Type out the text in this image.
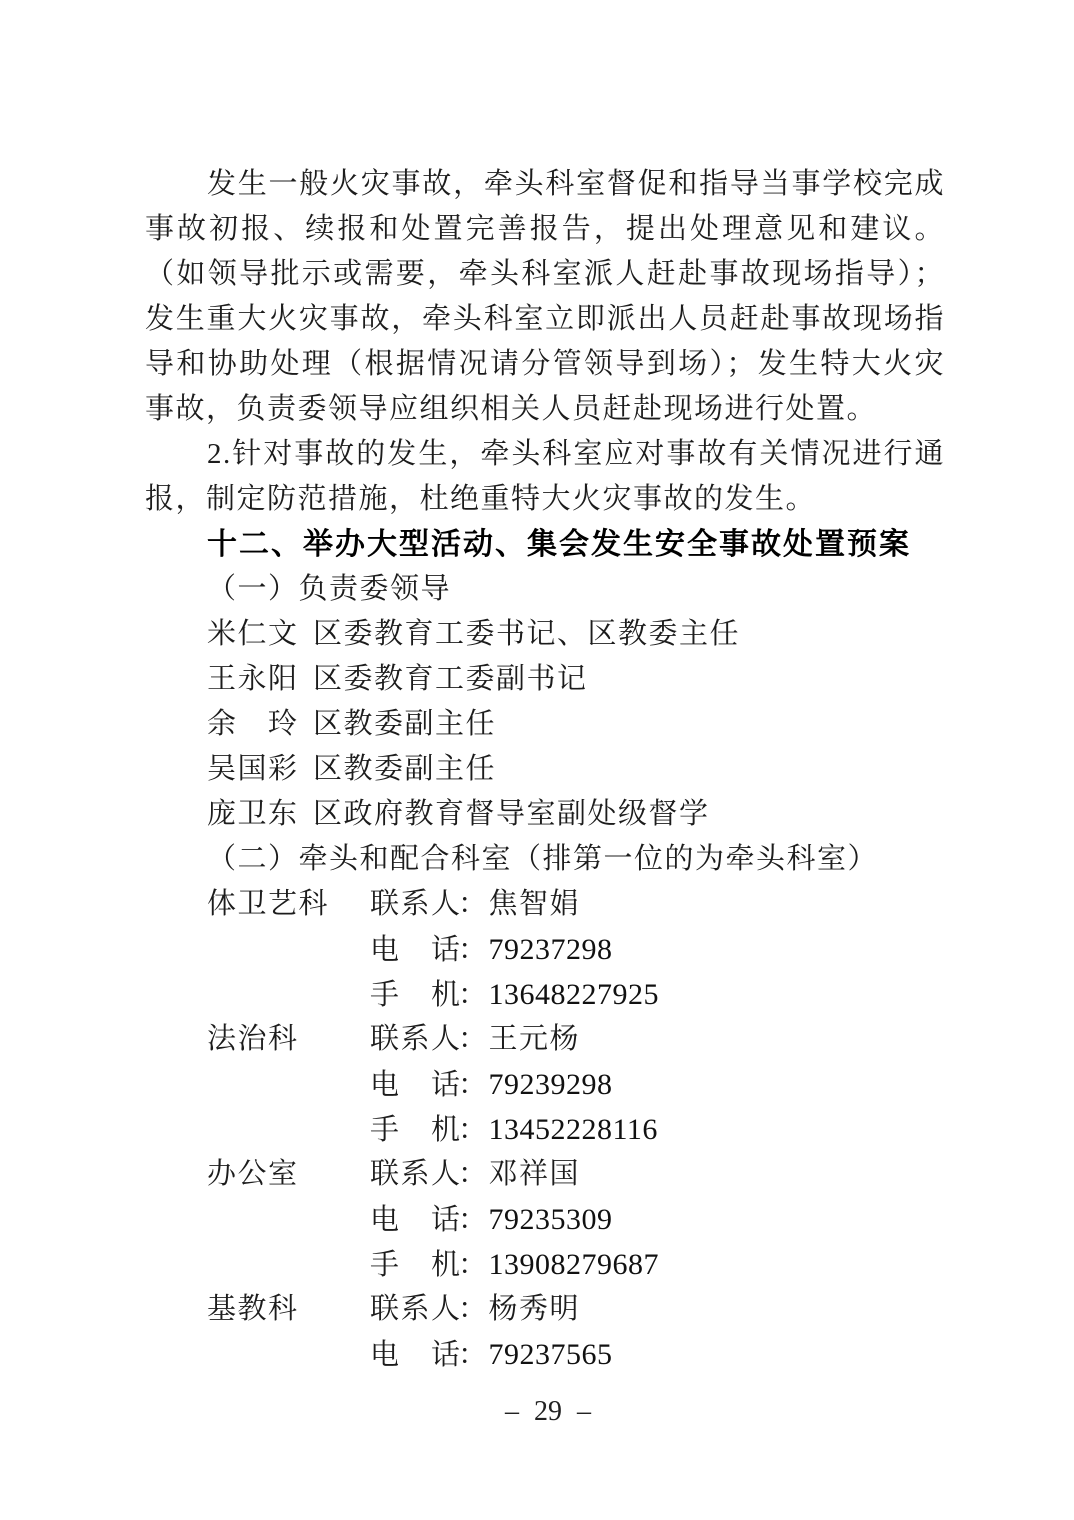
发生一般火灾事故，牵头科室督促和指导当事学校完成事故初报、续报和处置完善报告，提出处理意见和建议。（如领导批示或需要，牵头科室派人赶赴事故现场指导）；发生重大火灾事故，牵头科室立即派出人员赶赴事故现场指导和协助处理（根据情况请分管领导到场）；发生特大火灾事故，负责委领导应组织相关人员赶赴现场进行处置。

2.针对事故的发生，牵头科室应对事故有关情况进行通报，制定防范措施，杜绝重特大火灾事故的发生。

十二、举办大型活动、集会发生安全事故处置预案

（一）负责委领导

米仁文 区委教育工委书记、区教委主任
王永阳 区委教育工委副书记
余　玲 区教委副主任
吴国彩 区教委副主任
庞卫东 区政府教育督导室副处级督学

（二）牵头和配合科室（排第一位的为牵头科室）

体卫艺科 联系人：焦智娟
电　话：79237298
手　机：13648227925
法治科 联系人：王元杨
电　话：79239298
手　机：13452228116
办公室 联系人：邓祥国
电　话：79235309
手　机：13908279687
基教科 联系人：杨秀明
电　话：79237565
– 29 –
